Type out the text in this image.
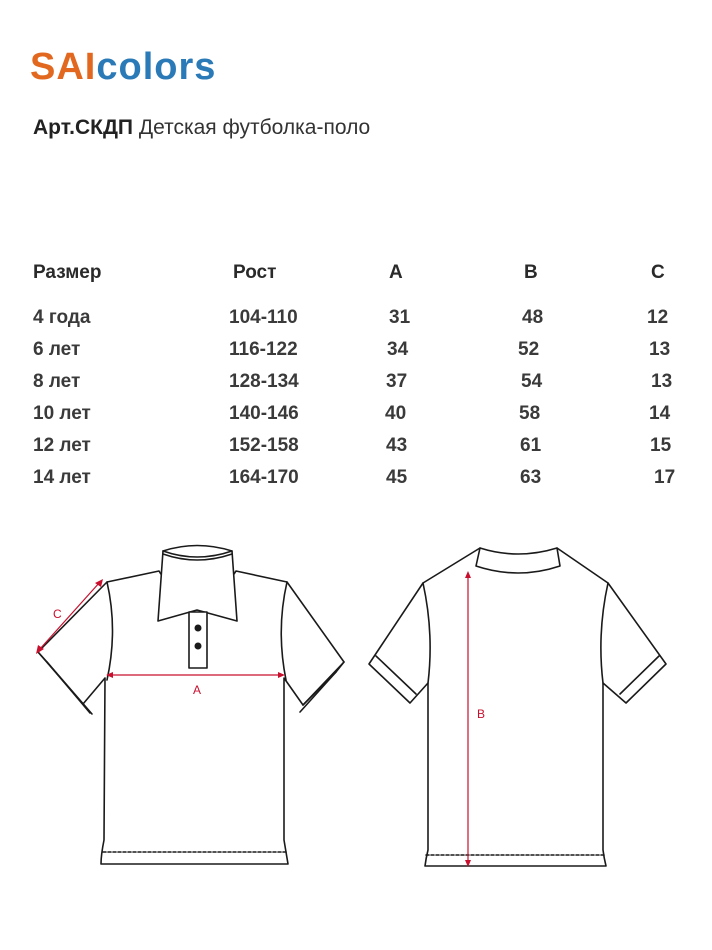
SAIcolors
Арт.СКДП Детская футболка-поло
Размер	Рост	A	B	C
4 года	104-110	31	48	12
6 лет	116-122	34	52	13
8 лет	128-134	37	54	13
10 лет	140-146	40	58	14
12 лет	152-158	43	61	15
14 лет	164-170	45	63	17
C
A
B
